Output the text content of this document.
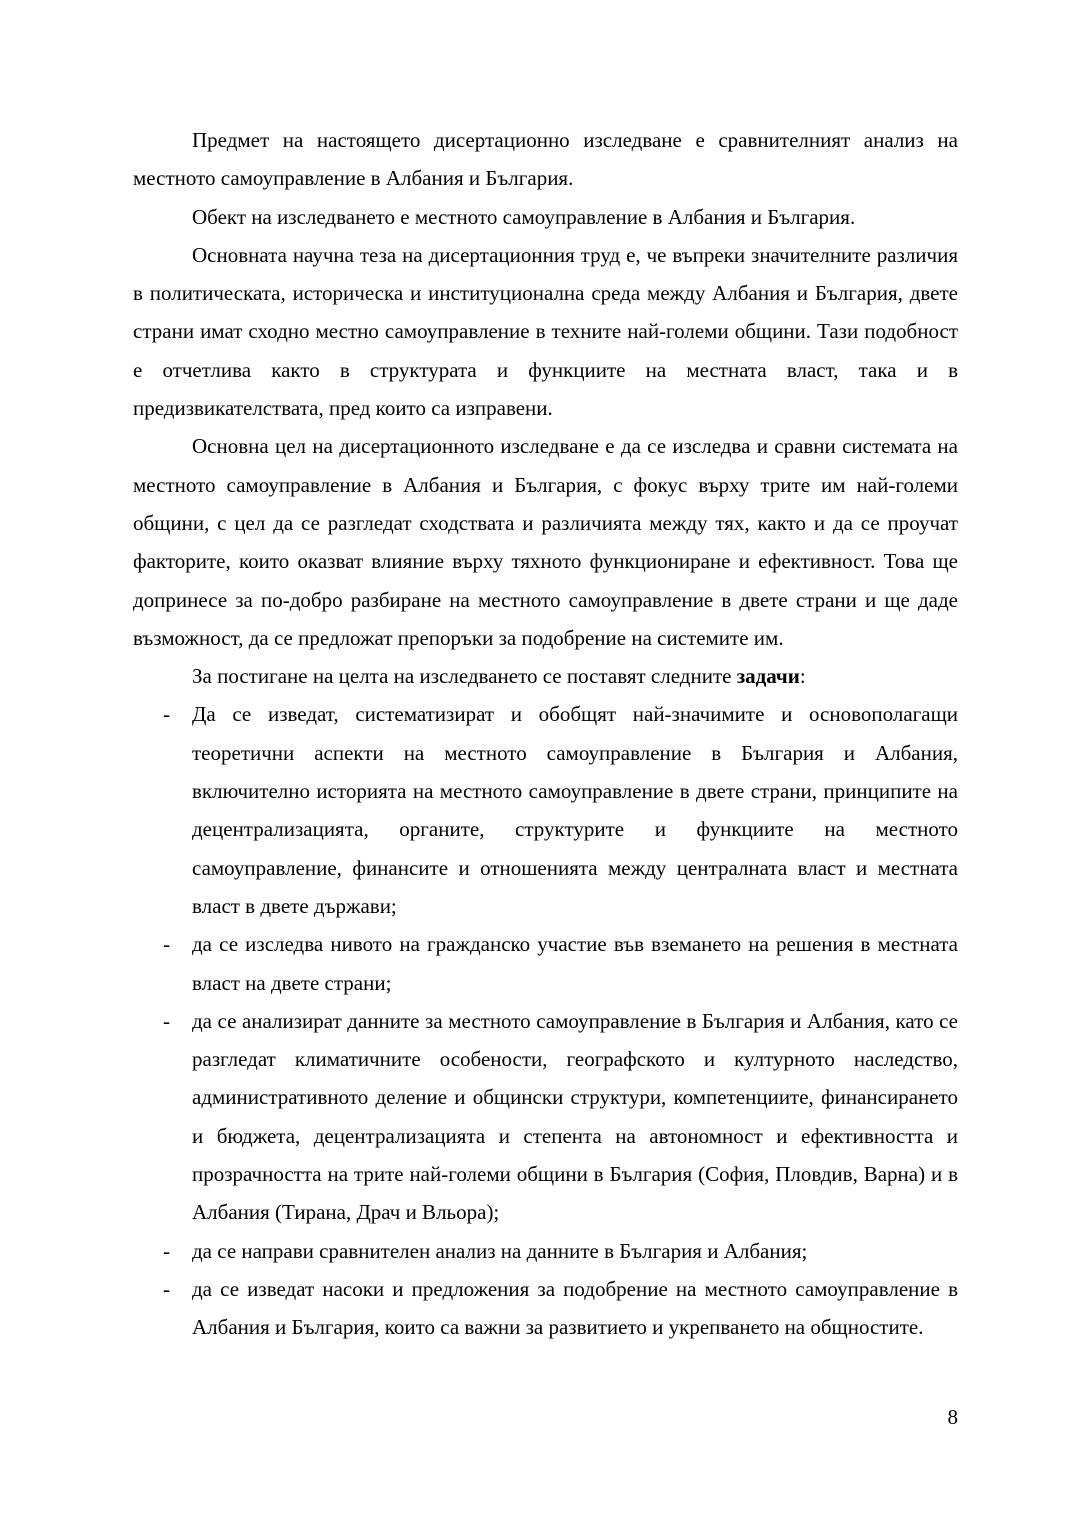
Предмет на настоящето дисертационно изследване е сравнителният анализ на местното самоуправление в Албания и България.

Обект на изследването е местното самоуправление в Албания и България.

Основната научна теза на дисертационния труд е, че въпреки значителните различия в политическата, историческа и институционална среда между Албания и България, двете страни имат сходно местно самоуправление в техните най-големи общини. Тази подобност е отчетлива както в структурата и функциите на местната власт, така и в предизвикателствата, пред които са изправени.

Основна цел на дисертационното изследване е да се изследва и сравни системата на местното самоуправление в Албания и България, с фокус върху трите им най-големи общини, с цел да се разгледат сходствата и различията между тях, както и да се проучат факторите, които оказват влияние върху тяхното функциониране и ефективност. Това ще допринесе за по-добро разбиране на местното самоуправление в двете страни и ще даде възможност, да се предложат препоръки за подобрение на системите им.

За постигане на целта на изследването се поставят следните задачи:

- Да се изведат, систематизират и обобщят най-значимите и основополагащи теоретични аспекти на местното самоуправление в България и Албания, включително историята на местното самоуправление в двете страни, принципите на децентрализацията, органите, структурите и функциите на местното самоуправление, финансите и отношенията между централната власт и местната власт в двете държави;
- да се изследва нивото на гражданско участие във вземането на решения в местната власт на двете страни;
- да се анализират данните за местното самоуправление в България и Албания, като се разгледат климатичните особености, географското и културното наследство, административното деление и общински структури, компетенциите, финансирането и бюджета, децентрализацията и степента на автономност и ефективността и прозрачността на трите най-големи общини в България (София, Пловдив, Варна) и в Албания (Тирана, Драч и Вльора);
- да се направи сравнителен анализ на данните в България и Албания;
- да се изведат насоки и предложения за подобрение на местното самоуправление в Албания и България, които са важни за развитието и укрепването на общностите.
8
